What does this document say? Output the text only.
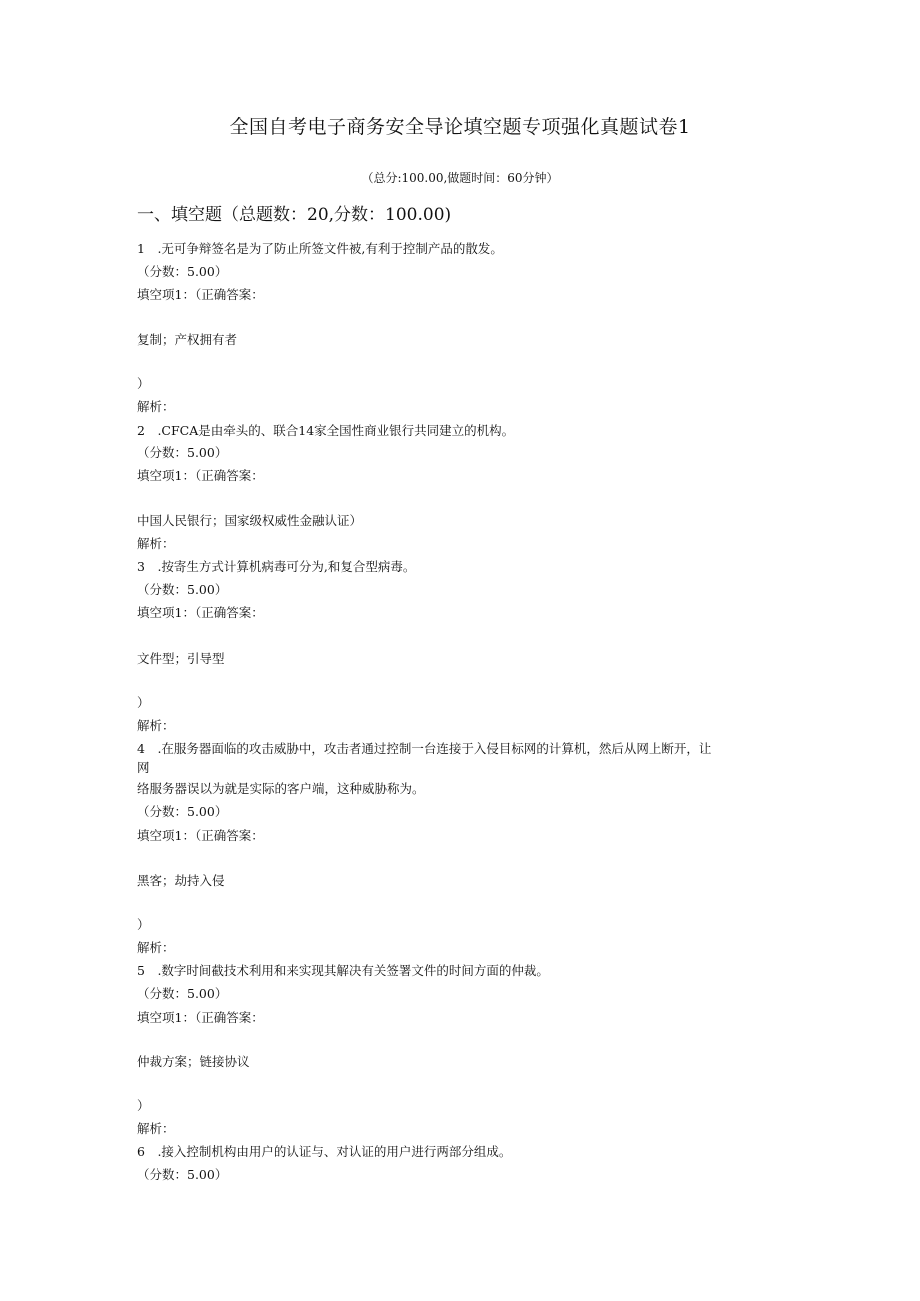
全国自考电子商务安全导论填空题专项强化真题试卷1
（总分:100.00,做题时间：60分钟）
一、填空题（总题数：20,分数：100.00)
1　.无可争辩签名是为了防止所签文件被,有利于控制产品的散发。
（分数：5.00）
填空项1：（正确答案：
复制；产权拥有者
）
解析：
2　.CFCA是由牵头的、联合14家全国性商业银行共同建立的机构。
（分数：5.00）
填空项1：（正确答案：
中国人民银行；国家级权威性金融认证）
解析：
3　.按寄生方式计算机病毒可分为,和复合型病毒。
（分数：5.00）
填空项1：（正确答案：
文件型；引导型
）
解析：
4　.在服务器面临的攻击威胁中，攻击者通过控制一台连接于入侵目标网的计算机，然后从网上断开，让
网
络服务器误以为就是实际的客户端，这种威胁称为。
（分数：5.00）
填空项1：（正确答案：
黑客；劫持入侵
）
解析：
5　.数字时间截技术利用和来实现其解决有关签署文件的时间方面的仲裁。
（分数：5.00）
填空项1：（正确答案：
仲裁方案；链接协议
）
解析：
6　.接入控制机构由用户的认证与、对认证的用户进行两部分组成。
（分数：5.00）
